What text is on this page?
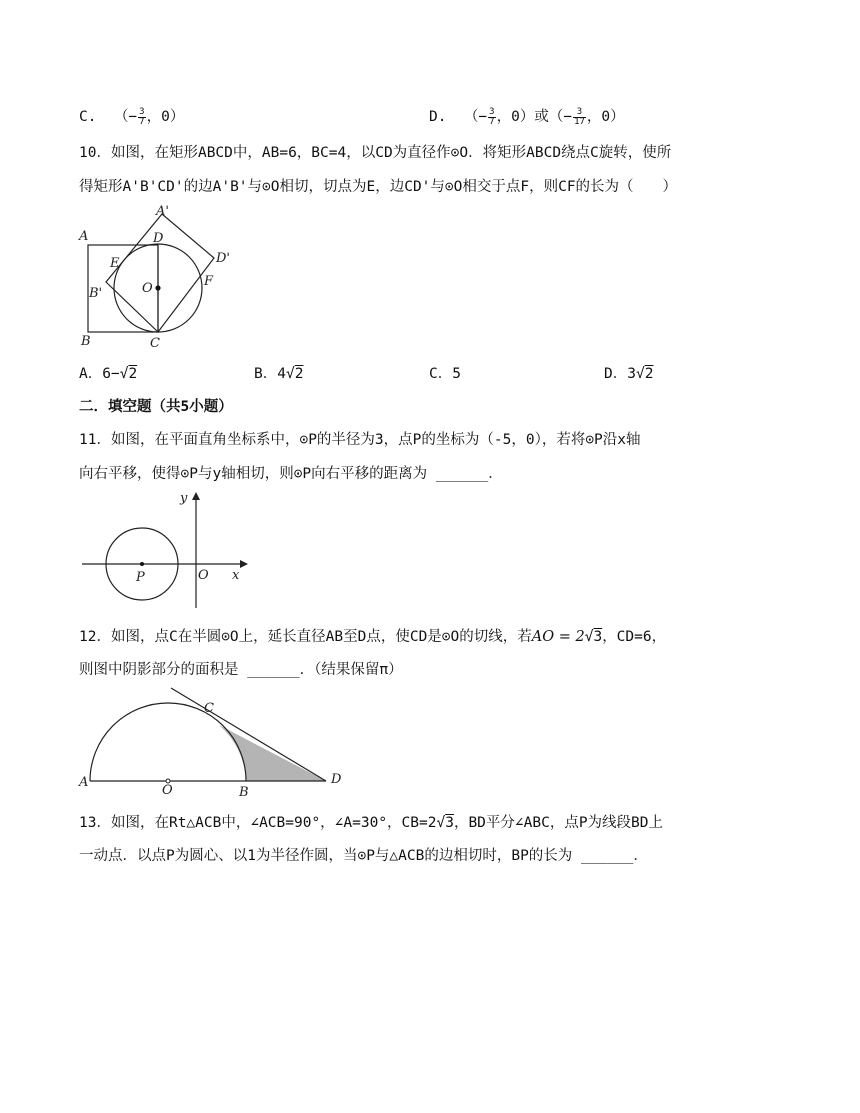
C. （− $\frac{3}{7}$ ，0）	D. （− $\frac{3}{7}$ ，0）或（− $\frac{3}{17}$ ，0）
10．如图，在矩形ABCD中，AB=6，BC=4，以CD为直径作⊙O．将矩形ABCD绕点C旋转，使所
得矩形A'B'CD'的边A'B'与⊙O相切，切点为E，边CD'与⊙O相交于点F，则CF的长为（　　）
A
A'
D
D'
E
O
B'
F
B	C
A．6−√2	B．4√2	C．5	D．3√2
二．填空题（共5小题）
11．如图，在平面直角坐标系中，⊙P的半径为3，点P的坐标为（-5，0），若将⊙P沿x轴
向右平移，使得⊙P与y轴相切，则⊙P向右平移的距离为 ______．
y
x
O
P
12．如图，点C在半圆⊙O上，延长直径AB至D点，使CD是⊙O的切线，若AO = 2√3，CD=6，
则图中阴影部分的面积是 ______．（结果保留π）
A
O	B
C
D
13．如图，在Rt△ACB中，∠ACB=90°，∠A=30°，CB=2√3，BD平分∠ABC，点P为线段BD上
一动点．以点P为圆心、以1为半径作圆，当⊙P与△ACB的边相切时，BP的长为 ______．
